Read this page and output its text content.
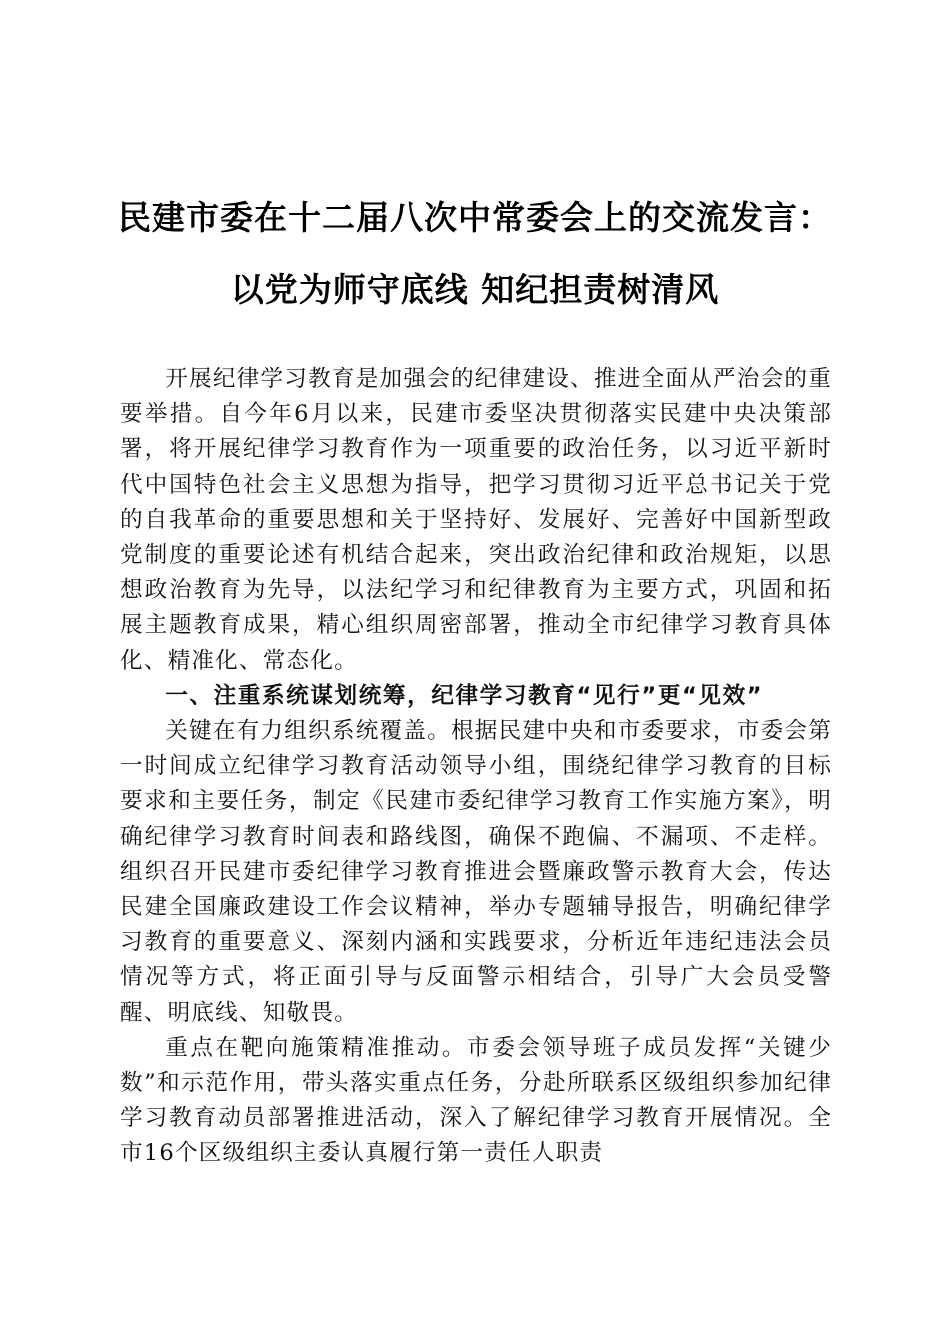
民建市委在十二届八次中常委会上的交流发言：
以党为师守底线 知纪担责树清风

开展纪律学习教育是加强会的纪律建设、推进全面从严治会的重要举措。自今年6月以来，民建市委坚决贯彻落实民建中央决策部署，将开展纪律学习教育作为一项重要的政治任务，以习近平新时代中国特色社会主义思想为指导，把学习贯彻习近平总书记关于党的自我革命的重要思想和关于坚持好、发展好、完善好中国新型政党制度的重要论述有机结合起来，突出政治纪律和政治规矩，以思想政治教育为先导，以法纪学习和纪律教育为主要方式，巩固和拓展主题教育成果，精心组织周密部署，推动全市纪律学习教育具体化、精准化、常态化。

一、注重系统谋划统筹，纪律学习教育“见行”更“见效”

关键在有力组织系统覆盖。根据民建中央和市委要求，市委会第一时间成立纪律学习教育活动领导小组，围绕纪律学习教育的目标要求和主要任务，制定《民建市委纪律学习教育工作实施方案》，明确纪律学习教育时间表和路线图，确保不跑偏、不漏项、不走样。组织召开民建市委纪律学习教育推进会暨廉政警示教育大会，传达民建全国廉政建设工作会议精神，举办专题辅导报告，明确纪律学习教育的重要意义、深刻内涵和实践要求，分析近年违纪违法会员情况等方式，将正面引导与反面警示相结合，引导广大会员受警醒、明底线、知敬畏。

重点在靶向施策精准推动。市委会领导班子成员发挥“关键少数”和示范作用，带头落实重点任务，分赴所联系区级组织参加纪律学习教育动员部署推进活动，深入了解纪律学习教育开展情况。全市16个区级组织主委认真履行第一责任人职责
